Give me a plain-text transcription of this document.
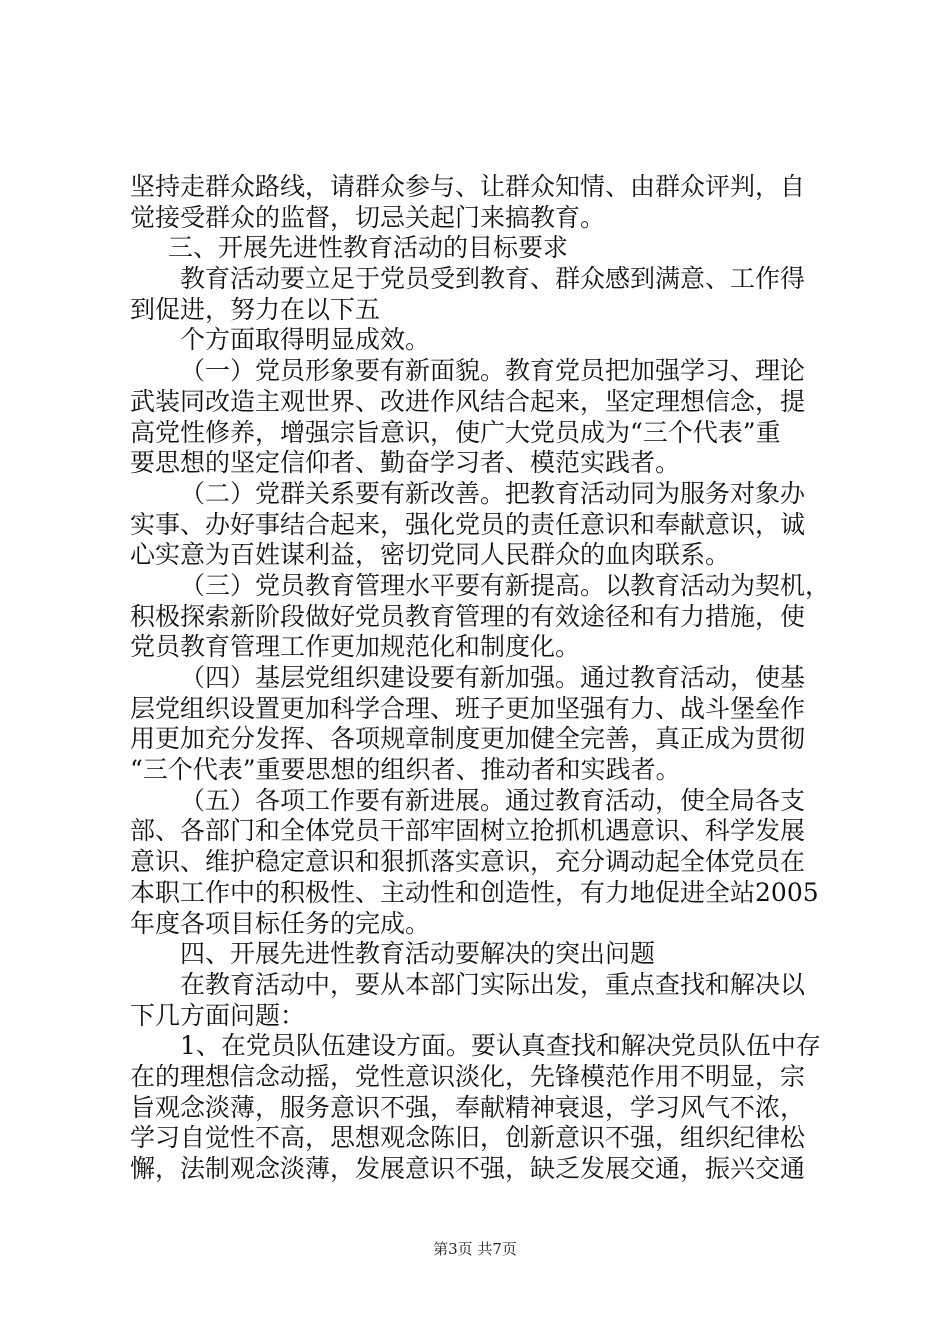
坚持走群众路线，请群众参与、让群众知情、由群众评判，自
觉接受群众的监督，切忌关起门来搞教育。
三、开展先进性教育活动的目标要求
教育活动要立足于党员受到教育、群众感到满意、工作得
到促进，努力在以下五
个方面取得明显成效。
（一）党员形象要有新面貌。教育党员把加强学习、理论
武装同改造主观世界、改进作风结合起来，坚定理想信念，提
高党性修养，增强宗旨意识，使广大党员成为“三个代表”重
要思想的坚定信仰者、勤奋学习者、模范实践者。
（二）党群关系要有新改善。把教育活动同为服务对象办
实事、办好事结合起来，强化党员的责任意识和奉献意识，诚
心实意为百姓谋利益，密切党同人民群众的血肉联系。
（三）党员教育管理水平要有新提高。以教育活动为契机，
积极探索新阶段做好党员教育管理的有效途径和有力措施，使
党员教育管理工作更加规范化和制度化。
（四）基层党组织建设要有新加强。通过教育活动，使基
层党组织设置更加科学合理、班子更加坚强有力、战斗堡垒作
用更加充分发挥、各项规章制度更加健全完善，真正成为贯彻
“三个代表”重要思想的组织者、推动者和实践者。
（五）各项工作要有新进展。通过教育活动，使全局各支
部、各部门和全体党员干部牢固树立抢抓机遇意识、科学发展
意识、维护稳定意识和狠抓落实意识，充分调动起全体党员在
本职工作中的积极性、主动性和创造性，有力地促进全站2005
年度各项目标任务的完成。
四、开展先进性教育活动要解决的突出问题
在教育活动中，要从本部门实际出发，重点查找和解决以
下几方面问题：
1、在党员队伍建设方面。要认真查找和解决党员队伍中存
在的理想信念动摇，党性意识淡化，先锋模范作用不明显，宗
旨观念淡薄，服务意识不强，奉献精神衰退，学习风气不浓，
学习自觉性不高，思想观念陈旧，创新意识不强，组织纪律松
懈，法制观念淡薄，发展意识不强，缺乏发展交通，振兴交通
第3页 共7页
